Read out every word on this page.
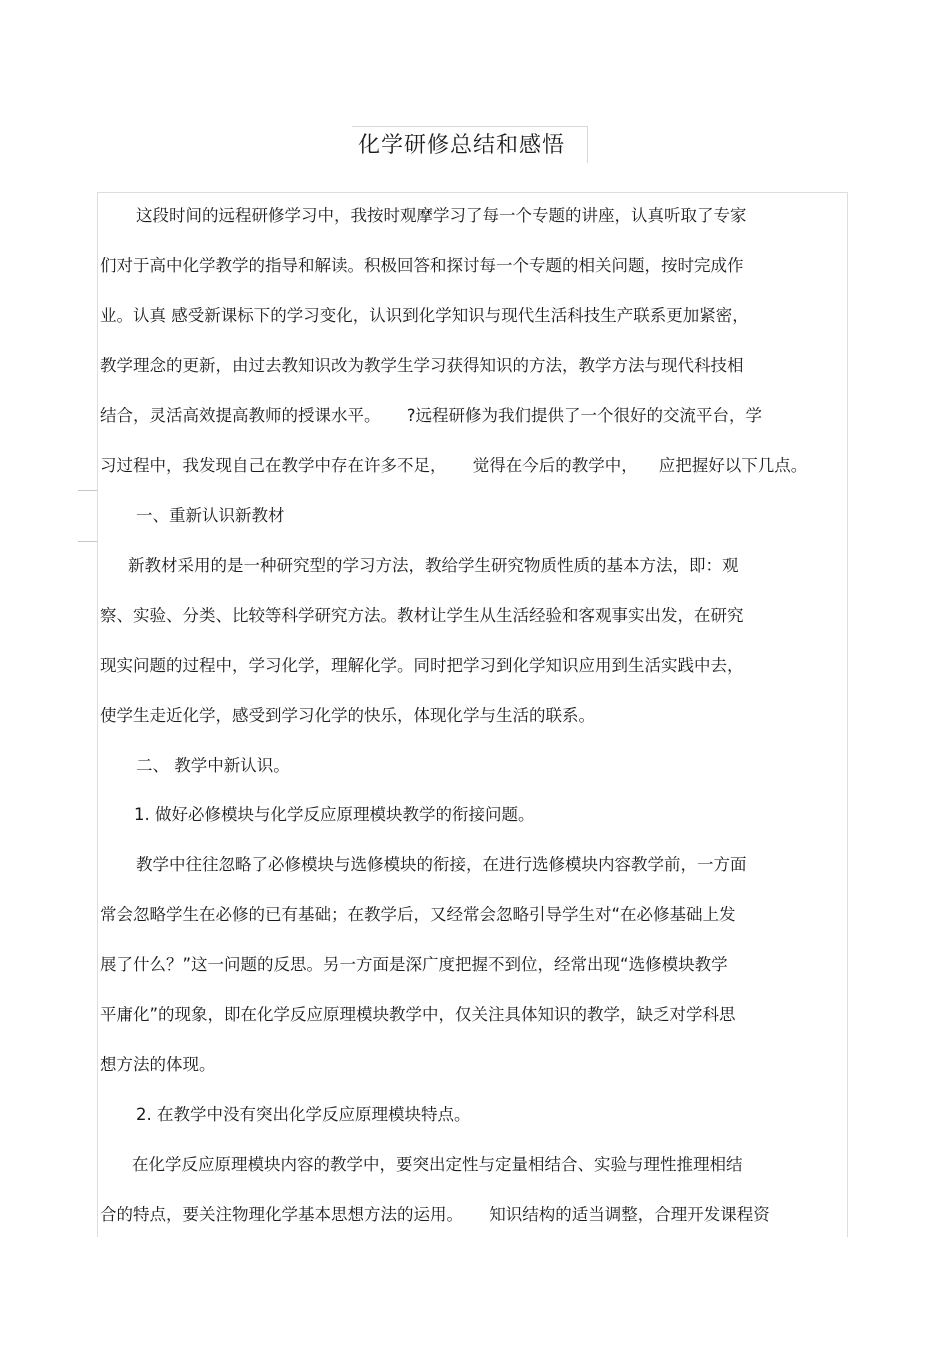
化学研修总结和感悟
这段时间的远程研修学习中，我按时观摩学习了每一个专题的讲座，认真听取了专家
们对于高中化学教学的指导和解读。积极回答和探讨每一个专题的相关问题，按时完成作
业。认真 感受新课标下的学习变化，认识到化学知识与现代生活科技生产联系更加紧密，
教学理念的更新，由过去教知识改为教学生学习获得知识的方法，教学方法与现代科技相
结合，灵活高效提高教师的授课水平。     ?远程研修为我们提供了一个很好的交流平台，学
习过程中，我发现自己在教学中存在许多不足，     觉得在今后的教学中，    应把握好以下几点。
一、重新认识新教材
新教材采用的是一种研究型的学习方法，教给学生研究物质性质的基本方法，即：观
察、实验、分类、比较等科学研究方法。教材让学生从生活经验和客观事实出发，在研究
现实问题的过程中，学习化学，理解化学。同时把学习到化学知识应用到生活实践中去，
使学生走近化学，感受到学习化学的快乐，体现化学与生活的联系。
二、 教学中新认识。
1. 做好必修模块与化学反应原理模块教学的衔接问题。
教学中往往忽略了必修模块与选修模块的衔接，在进行选修模块内容教学前，一方面
常会忽略学生在必修的已有基础；在教学后，又经常会忽略引导学生对“在必修基础上发
展了什么？”这一问题的反思。另一方面是深广度把握不到位，经常出现“选修模块教学
平庸化”的现象，即在化学反应原理模块教学中，仅关注具体知识的教学，缺乏对学科思
想方法的体现。
2. 在教学中没有突出化学反应原理模块特点。
在化学反应原理模块内容的教学中，要突出定性与定量相结合、实验与理性推理相结
合的特点，要关注物理化学基本思想方法的运用。     知识结构的适当调整，合理开发课程资
